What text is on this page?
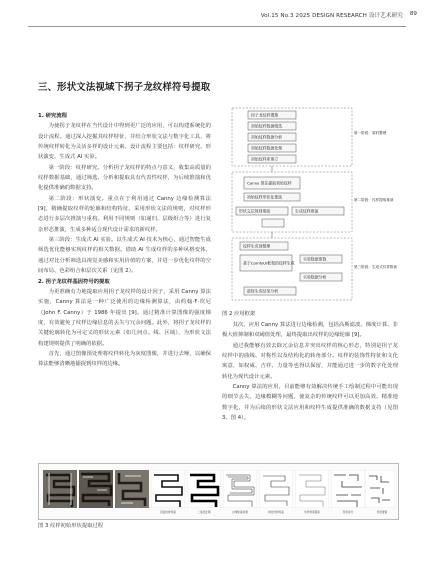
Vol.15 No.3 2025 DESIGN RESEARCH 设计艺术研究 89
三、形状文法视域下拐子龙纹样符号提取

1. 研究流程

为使拐子龙纹样在当代设计中得到更广泛的应用，可以构建系统化的设计流程。通过深入挖掘其纹样特征，并结合形状文法与数字化工具，将传统纹样转化为灵活多样的设计元素。设计流程主要包括：纹样研究、形状演变、生成式 AI 实验。

第一阶段：纹样研究。分析拐子龙纹样的特点与意义，收集高质量的纹样数据基础，通过筛选、分析和提取具有代表性纹样，为后续推演和优化提供准确的数据支持。

第二阶段：形状演变。重点在于利用通过 Canny 边缘检测算法 [9]，精确提取纹样的轮廓和结构特征。采用形状文法的规则，对纹样形态进行多层次推演与重构。利用不同规则（如递归、层级组合等）进行复杂形态推演，生成多种适合现代设计需求的新纹样。

第三阶段：生成式 AI 实验。以生成式 AI 技术为核心，通过智能生成筛选优化能够实现纹样的相关数据。借助 AI 生成纹样的多种风格变体，通过对比分析筛选具视觉美感和实用价值的方案，并进一步优化纹样的空间布局、色彩组合和层次关系（见图 2）。

2. 拐子龙纹样基因符号的提取

为更准确有力地提取应用拐子龙纹样的设计因子，采用 Canny 算法实施，Canny 算法是一种广泛使用的边缘检测算法，由约翰·F·坎尼（John F. Canny）于 1986 年提出 [9]。通过精准计算图像的强度梯度，有效避免了纹样边缘信息的丢失与冗余问题。此外，将拐子龙纹样的关键轮廓转化为可定义的形状元素（如几何点、线、区域），为形状文法构建规则提供了明确的依据。

首先，通过图像预处理将纹样转化为灰度图像，并进行去噪，以确保算法能够清晰地捕捉到纹样的边缘。

拐子龙纹样搜集
初始纹样数据筛选
初始纹样数据分析
初始纹样数据处理
初始纹样库建立
第一阶段：原料整理
Canny 算法提取初始纹样
初始纹样形状化推演
形状文法规则推演	生成纹样推演
第二阶段：纹样提取推演
纹样生成预整理
实验数据参数
基于ComfyUI框架的纹样生成
实验数据分析
最终生成结果分析
第三阶段：生成式纹样推演
图 2 应用框架

其次，应用 Canny 算法进行边缘检测，包括高斯滤波、梯度计算、非极大值抑制和双阈值处理，最终提取出纹样的边缘轮廓 [9]。

通过我能够有效去除冗余信息并突出纹样的核心形态，特别是拐子龙纹样中的曲线、对称性以及结构化的转角部分。纹样的装饰性特征和文化寓意，如权威、吉祥、力量等也得以保留，并能通过进一步的数字化处理转化为现代设计元素。

Canny 算法的应用，目前能够有效解决传统手工绘制过程中可能出现的细节丢失、边缘模糊等问题，使复杂的传统纹样可以更加高效、精准地数字化，并为后续的形状文法应用和纹样生成提供准确的数据支持（见图 3、图 4）。

初始纹样轮廓	二值化处理	边缘轮廓检测	细化纹样轮廓	纹样骨架提取	形状拆分	形状要素
图 3 纹样初始形状提取过程
